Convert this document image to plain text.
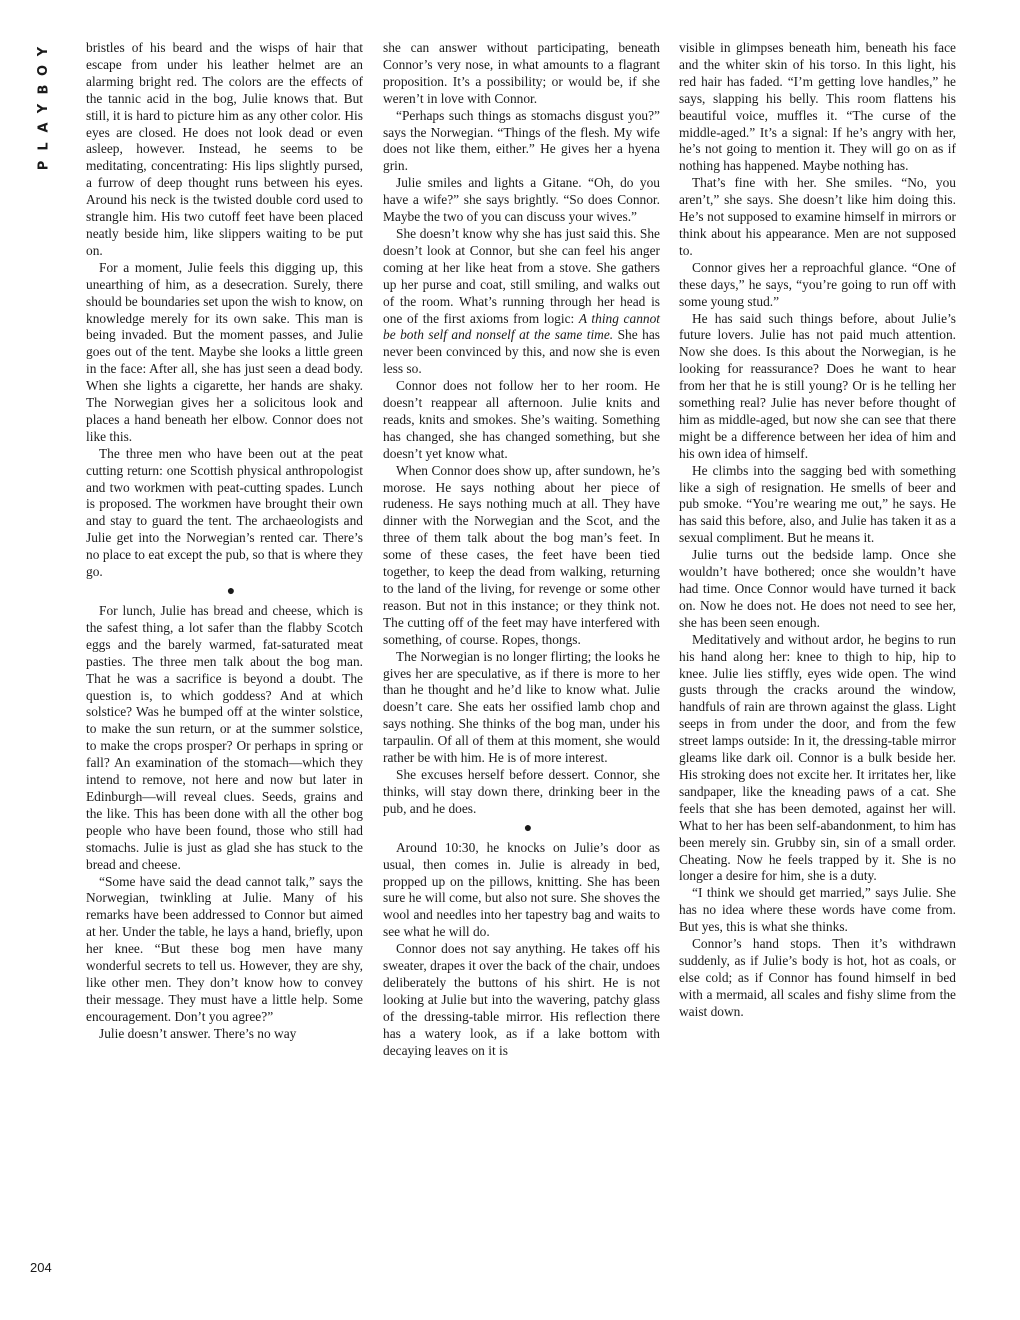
Y
O
B
Y
A
L
P

bristles of his beard and the wisps of hair that escape from under his leather helmet are an alarming bright red. The colors are the effects of the tannic acid in the bog, Julie knows that. But still, it is hard to picture him as any other color. His eyes are closed. He does not look dead or even asleep, however. Instead, he seems to be meditating, concentrating: His lips slightly pursed, a furrow of deep thought runs between his eyes. Around his neck is the twisted double cord used to strangle him. His two cutoff feet have been placed neatly beside him, like slippers waiting to be put on.

For a moment, Julie feels this digging up, this unearthing of him, as a desecration. Surely, there should be boundaries set upon the wish to know, on knowledge merely for its own sake. This man is being invaded. But the moment passes, and Julie goes out of the tent. Maybe she looks a little green in the face: After all, she has just seen a dead body. When she lights a cigarette, her hands are shaky. The Norwegian gives her a solicitous look and places a hand beneath her elbow. Connor does not like this.

The three men who have been out at the peat cutting return: one Scottish physical anthropologist and two workmen with peat-cutting spades. Lunch is proposed. The workmen have brought their own and stay to guard the tent. The archaeologists and Julie get into the Norwegian’s rented car. There’s no place to eat except the pub, so that is where they go.

●

For lunch, Julie has bread and cheese, which is the safest thing, a lot safer than the flabby Scotch eggs and the barely warmed, fat-saturated meat pasties. The three men talk about the bog man. That he was a sacrifice is beyond a doubt. The question is, to which goddess? And at which solstice? Was he bumped off at the winter solstice, to make the sun return, or at the summer solstice, to make the crops prosper? Or perhaps in spring or fall? An examination of the stomach—which they intend to remove, not here and now but later in Edinburgh—will reveal clues. Seeds, grains and the like. This has been done with all the other bog people who have been found, those who still had stomachs. Julie is just as glad she has stuck to the bread and cheese.

“Some have said the dead cannot talk,” says the Norwegian, twinkling at Julie. Many of his remarks have been addressed to Connor but aimed at her. Under the table, he lays a hand, briefly, upon her knee. “But these bog men have many wonderful secrets to tell us. However, they are shy, like other men. They don’t know how to convey their message. They must have a little help. Some encouragement. Don’t you agree?”

Julie doesn’t answer. There’s no way

she can answer without participating, beneath Connor’s very nose, in what amounts to a flagrant proposition. It’s a possibility; or would be, if she weren’t in love with Connor.

“Perhaps such things as stomachs disgust you?” says the Norwegian. “Things of the flesh. My wife does not like them, either.” He gives her a hyena grin.

Julie smiles and lights a Gitane. “Oh, do you have a wife?” she says brightly. “So does Connor. Maybe the two of you can discuss your wives.”

She doesn’t know why she has just said this. She doesn’t look at Connor, but she can feel his anger coming at her like heat from a stove. She gathers up her purse and coat, still smiling, and walks out of the room. What’s running through her head is one of the first axioms from logic: A thing cannot be both self and nonself at the same time. She has never been convinced by this, and now she is even less so.

Connor does not follow her to her room. He doesn’t reappear all afternoon. Julie knits and reads, knits and smokes. She’s waiting. Something has changed, she has changed something, but she doesn’t yet know what.

When Connor does show up, after sundown, he’s morose. He says nothing about her piece of rudeness. He says nothing much at all. They have dinner with the Norwegian and the Scot, and the three of them talk about the bog man’s feet. In some of these cases, the feet have been tied together, to keep the dead from walking, returning to the land of the living, for revenge or some other reason. But not in this instance; or they think not. The cutting off of the feet may have interfered with something, of course. Ropes, thongs.

The Norwegian is no longer flirting; the looks he gives her are speculative, as if there is more to her than he thought and he’d like to know what. Julie doesn’t care. She eats her ossified lamb chop and says nothing. She thinks of the bog man, under his tarpaulin. Of all of them at this moment, she would rather be with him. He is of more interest.

She excuses herself before dessert. Connor, she thinks, will stay down there, drinking beer in the pub, and he does.

●

Around 10:30, he knocks on Julie’s door as usual, then comes in. Julie is already in bed, propped up on the pillows, knitting. She has been sure he will come, but also not sure. She shoves the wool and needles into her tapestry bag and waits to see what he will do.

Connor does not say anything. He takes off his sweater, drapes it over the back of the chair, undoes deliberately the buttons of his shirt. He is not looking at Julie but into the wavering, patchy glass of the dressing-table mirror. His reflection there has a watery look, as if a lake bottom with decaying leaves on it is

visible in glimpses beneath him, beneath his face and the whiter skin of his torso. In this light, his red hair has faded. “I’m getting love handles,” he says, slapping his belly. This room flattens his beautiful voice, muffles it. “The curse of the middle-aged.” It’s a signal: If he’s angry with her, he’s not going to mention it. They will go on as if nothing has happened. Maybe nothing has.

That’s fine with her. She smiles. “No, you aren’t,” she says. She doesn’t like him doing this. He’s not supposed to examine himself in mirrors or think about his appearance. Men are not supposed to.

Connor gives her a reproachful glance. “One of these days,” he says, “you’re going to run off with some young stud.”

He has said such things before, about Julie’s future lovers. Julie has not paid much attention. Now she does. Is this about the Norwegian, is he looking for reassurance? Does he want to hear from her that he is still young? Or is he telling her something real? Julie has never before thought of him as middle-aged, but now she can see that there might be a difference between her idea of him and his own idea of himself.

He climbs into the sagging bed with something like a sigh of resignation. He smells of beer and pub smoke. “You’re wearing me out,” he says. He has said this before, also, and Julie has taken it as a sexual compliment. But he means it.

Julie turns out the bedside lamp. Once she wouldn’t have bothered; once she wouldn’t have had time. Once Connor would have turned it back on. Now he does not. He does not need to see her, she has been seen enough.

Meditatively and without ardor, he begins to run his hand along her: knee to thigh to hip, hip to knee. Julie lies stiffly, eyes wide open. The wind gusts through the cracks around the window, handfuls of rain are thrown against the glass. Light seeps in from under the door, and from the few street lamps outside: In it, the dressing-table mirror gleams like dark oil. Connor is a bulk beside her. His stroking does not excite her. It irritates her, like sandpaper, like the kneading paws of a cat. She feels that she has been demoted, against her will. What to her has been self-abandonment, to him has been merely sin. Grubby sin, sin of a small order. Cheating. Now he feels trapped by it. She is no longer a desire for him, she is a duty.

“I think we should get married,” says Julie. She has no idea where these words have come from. But yes, this is what she thinks.

Connor’s hand stops. Then it’s withdrawn suddenly, as if Julie’s body is hot, hot as coals, or else cold; as if Connor has found himself in bed with a mermaid, all scales and fishy slime from the waist down.

204
